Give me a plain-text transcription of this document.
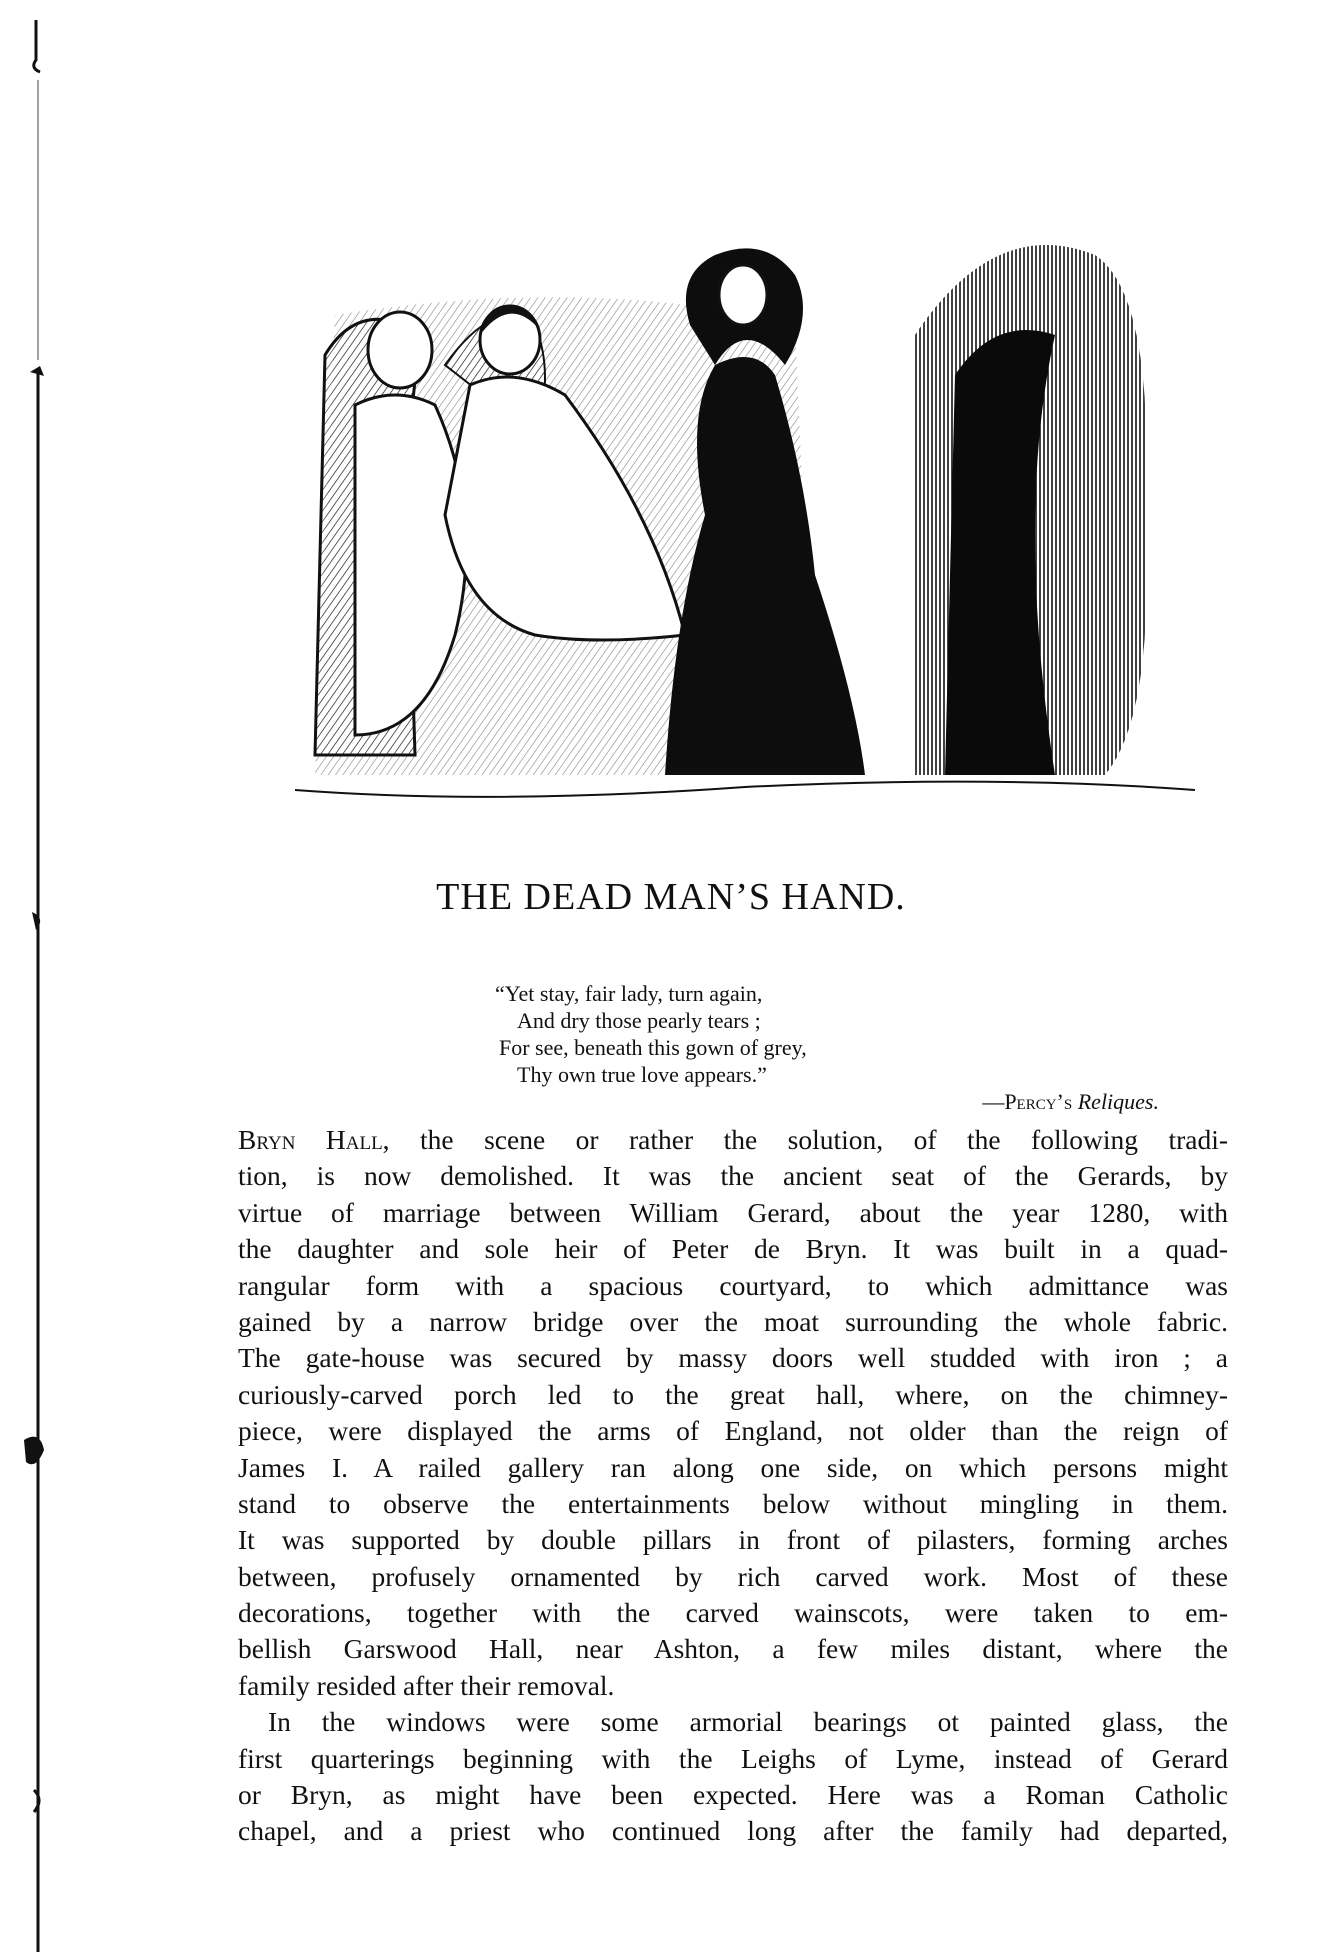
THE DEAD MAN’S HAND.
“Yet stay, fair lady, turn again,
And dry those pearly tears ;
For see, beneath this gown of grey,
Thy own true love appears.”
—Percy’s Reliques.

Bryn Hall, the scene or rather the solution, of the following tradi-
tion, is now demolished. It was the ancient seat of the Gerards, by
virtue of marriage between William Gerard, about the year 1280, with
the daughter and sole heir of Peter de Bryn. It was built in a quad-
rangular form with a spacious courtyard, to which admittance was
gained by a narrow bridge over the moat surrounding the whole fabric.
The gate-house was secured by massy doors well studded with iron ; a
curiously-carved porch led to the great hall, where, on the chimney-
piece, were displayed the arms of England, not older than the reign of
James I. A railed gallery ran along one side, on which persons might
stand to observe the entertainments below without mingling in them.
It was supported by double pillars in front of pilasters, forming arches
between, profusely ornamented by rich carved work. Most of these
decorations, together with the carved wainscots, were taken to em-
bellish Garswood Hall, near Ashton, a few miles distant, where the
family resided after their removal.

In the windows were some armorial bearings ot painted glass, the
first quarterings beginning with the Leighs of Lyme, instead of Gerard
or Bryn, as might have been expected. Here was a Roman Catholic
chapel, and a priest who continued long after the family had departed,
